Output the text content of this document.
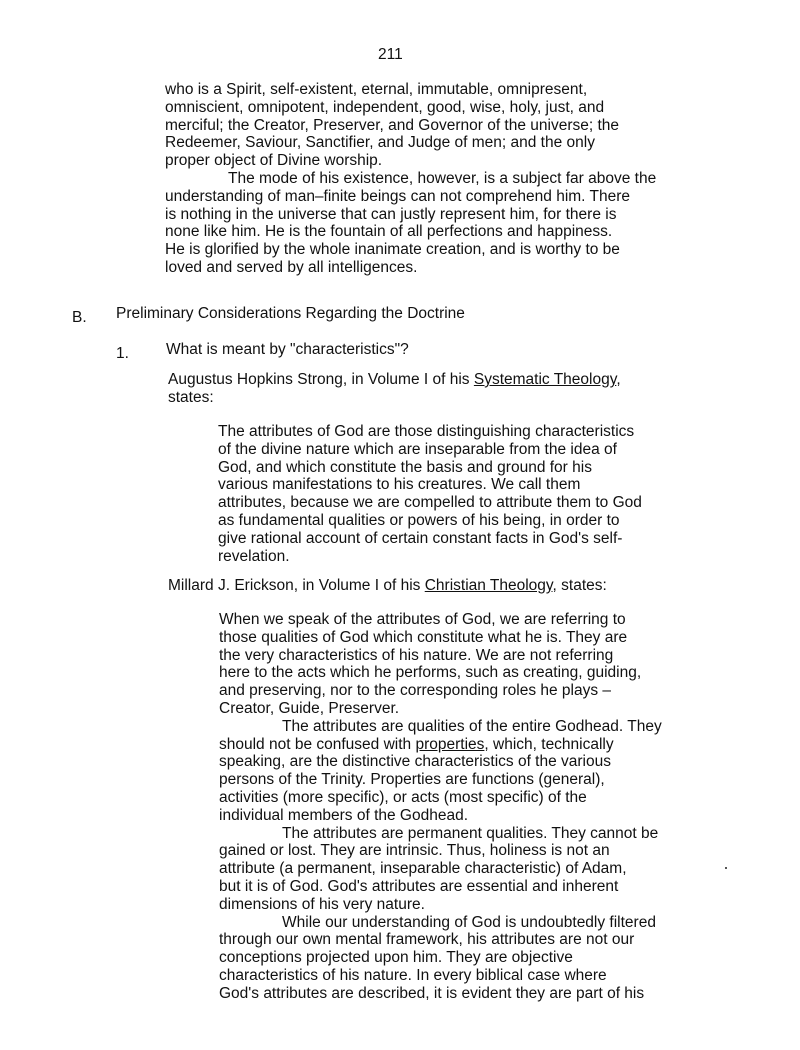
211
who is a Spirit, self-existent, eternal, immutable, omnipresent,
omniscient, omnipotent, independent, good, wise, holy, just, and
merciful; the Creator, Preserver, and Governor of the universe; the
Redeemer, Saviour, Sanctifier, and Judge of men; and the only
proper object of Divine worship.
The mode of his existence, however, is a subject far above the
understanding of man–finite beings can not comprehend him. There
is nothing in the universe that can justly represent him, for there is
none like him. He is the fountain of all perfections and happiness.
He is glorified by the whole inanimate creation, and is worthy to be
loved and served by all intelligences.
B. Preliminary Considerations Regarding the Doctrine
1. What is meant by "characteristics"?
Augustus Hopkins Strong, in Volume I of his Systematic Theology,
states:
The attributes of God are those distinguishing characteristics
of the divine nature which are inseparable from the idea of
God, and which constitute the basis and ground for his
various manifestations to his creatures. We call them
attributes, because we are compelled to attribute them to God
as fundamental qualities or powers of his being, in order to
give rational account of certain constant facts in God's self-
revelation.
Millard J. Erickson, in Volume I of his Christian Theology, states:
When we speak of the attributes of God, we are referring to
those qualities of God which constitute what he is. They are
the very characteristics of his nature. We are not referring
here to the acts which he performs, such as creating, guiding,
and preserving, nor to the corresponding roles he plays –
Creator, Guide, Preserver.
The attributes are qualities of the entire Godhead. They
should not be confused with properties, which, technically
speaking, are the distinctive characteristics of the various
persons of the Trinity. Properties are functions (general),
activities (more specific), or acts (most specific) of the
individual members of the Godhead.
The attributes are permanent qualities. They cannot be
gained or lost. They are intrinsic. Thus, holiness is not an
attribute (a permanent, inseparable characteristic) of Adam,
but it is of God. God's attributes are essential and inherent
dimensions of his very nature.
While our understanding of God is undoubtedly filtered
through our own mental framework, his attributes are not our
conceptions projected upon him. They are objective
characteristics of his nature. In every biblical case where
God's attributes are described, it is evident they are part of his
